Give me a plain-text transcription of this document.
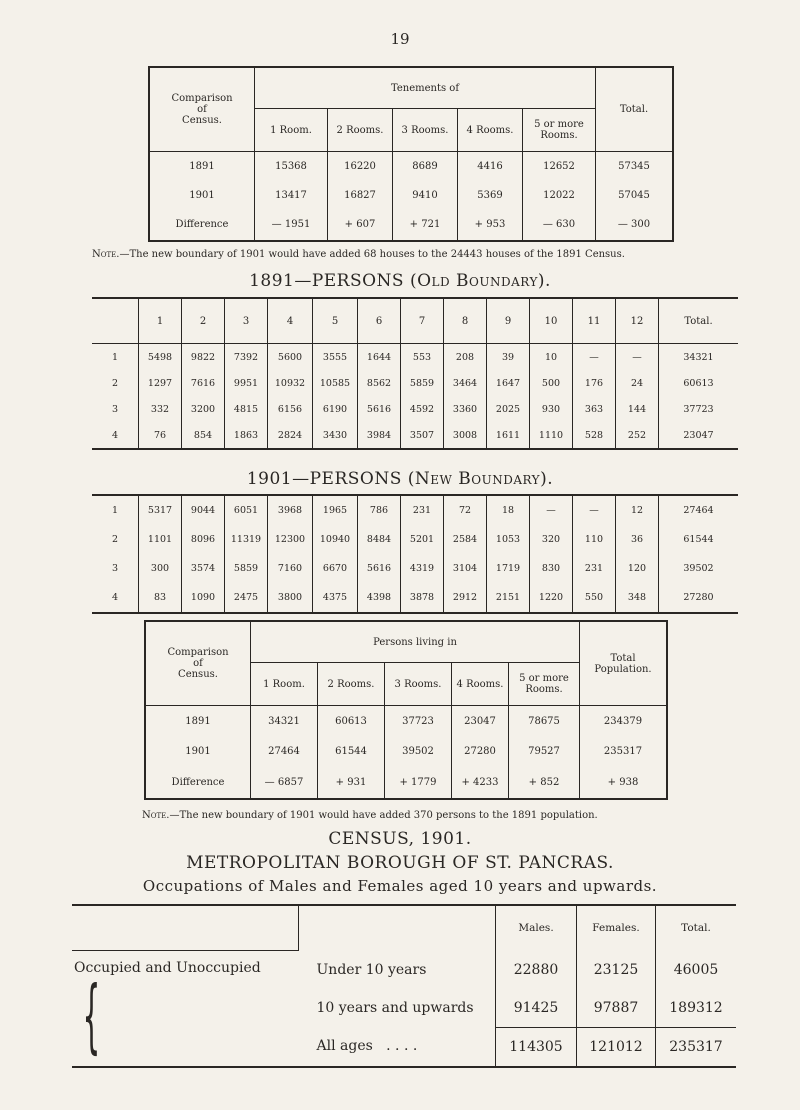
19
Comparison
of
Census.	Tenements of					Total.
	1 Room.	2 Rooms.	3 Rooms.	4 Rooms.	5 or more Rooms.	
1891	15368	16220	8689	4416	12652	57345
1901	13417	16827	9410	5369	12022	57045
Difference	— 1951	+ 607	+ 721	+ 953	— 630	— 300
Note.—The new boundary of 1901 would have added 68 houses to the 24443 houses of the 1891 Census.
1891—PERSONS (Old Boundary).
	1	2	3	4	5	6	7	8	9	10	11	12	Total.
1	5498	9822	7392	5600	3555	1644	553	208	39	10	—	—	34321
2	1297	7616	9951	10932	10585	8562	5859	3464	1647	500	176	24	60613
3	332	3200	4815	6156	6190	5616	4592	3360	2025	930	363	144	37723
4	76	854	1863	2824	3430	3984	3507	3008	1611	1110	528	252	23047
1901—PERSONS (New Boundary).
1	5317	9044	6051	3968	1965	786	231	72	18	—	—	12	27464
2	1101	8096	11319	12300	10940	8484	5201	2584	1053	320	110	36	61544
3	300	3574	5859	7160	6670	5616	4319	3104	1719	830	231	120	39502
4	83	1090	2475	3800	4375	4398	3878	2912	2151	1220	550	348	27280
Comparison
of
Census.	Persons living in					Total
Population.
	1 Room.	2 Rooms.	3 Rooms.	4 Rooms.	5 or more Rooms.	
1891	34321	60613	37723	23047	78675	234379
1901	27464	61544	39502	27280	79527	235317
Difference	— 6857	+ 931	+ 1779	+ 4233	+ 852	+ 938
Note.—The new boundary of 1901 would have added 370 persons to the 1891 population.
CENSUS, 1901.
METROPOLITAN BOROUGH OF ST. PANCRAS.
Occupations of Males and Females aged 10 years and upwards.
		Males.	Females.	Total.
Occupied and Unoccupied{	Under 10 years	22880	23125	46005
	10 years and upwards	91425	97887	189312
	All ages . . . .	114305	121012	235317
